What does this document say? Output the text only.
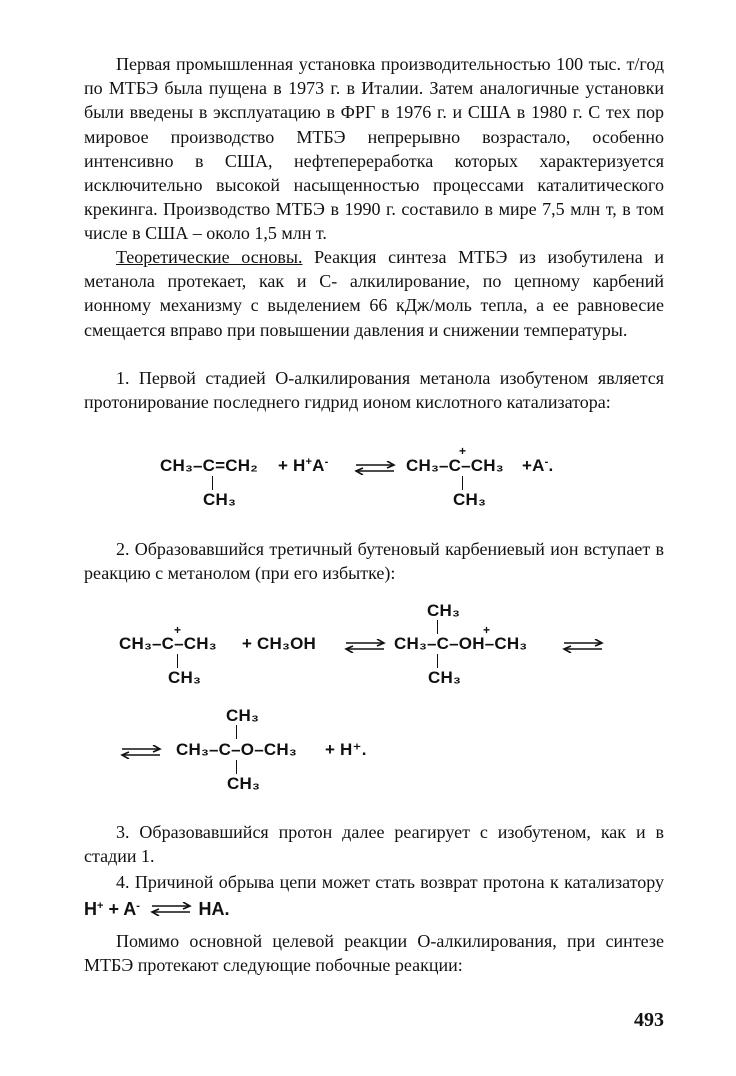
Первая промышленная установка производительностью 100 тыс. т/год по МТБЭ была пущена в 1973 г. в Италии. Затем аналогичные установки были введены в эксплуатацию в ФРГ в 1976 г. и США в 1980 г. С тех пор мировое производство МТБЭ непрерывно возрастало, особенно интенсивно в США, нефтепереработка которых характеризуется исключительно высокой насыщенностью процессами каталитического крекинга. Производство МТБЭ в 1990 г. составило в мире 7,5 млн т, в том числе в США – около 1,5 млн т.

Теоретические основы. Реакция синтеза МТБЭ из изобутилена и метанола протекает, как и С- алкилирование, по цепному карбений ионному механизму с выделением 66 кДж/моль тепла, а ее равновесие смещается вправо при повышении давления и снижении температуры.

1. Первой стадией О-алкилирования метанола изобутеном является протонирование последнего гидрид ионом кислотного катализатора:

CH₃–C=CH₂
CH₃
+ H+A-
+
CH₃–C–CH₃
CH₃
+A-.

2. Образовавшийся третичный бутеновый карбениевый ион вступает в реакцию с метанолом (при его избытке):

CH₃
+
CH₃–C–CH₃
CH₃
+ CH₃OH
+
CH₃–C–OH–CH₃
CH₃
CH₃
⇌ CH₃–C–O–CH₃ + H⁺.
CH₃

3. Образовавшийся протон далее реагирует с изобутеном, как и в стадии 1.

4. Причиной обрыва цепи может стать возврат протона к катализатору H+ + A- ⇌ HA.

Помимо основной целевой реакции О-алкилирования, при синтезе МТБЭ протекают следующие побочные реакции:

493
